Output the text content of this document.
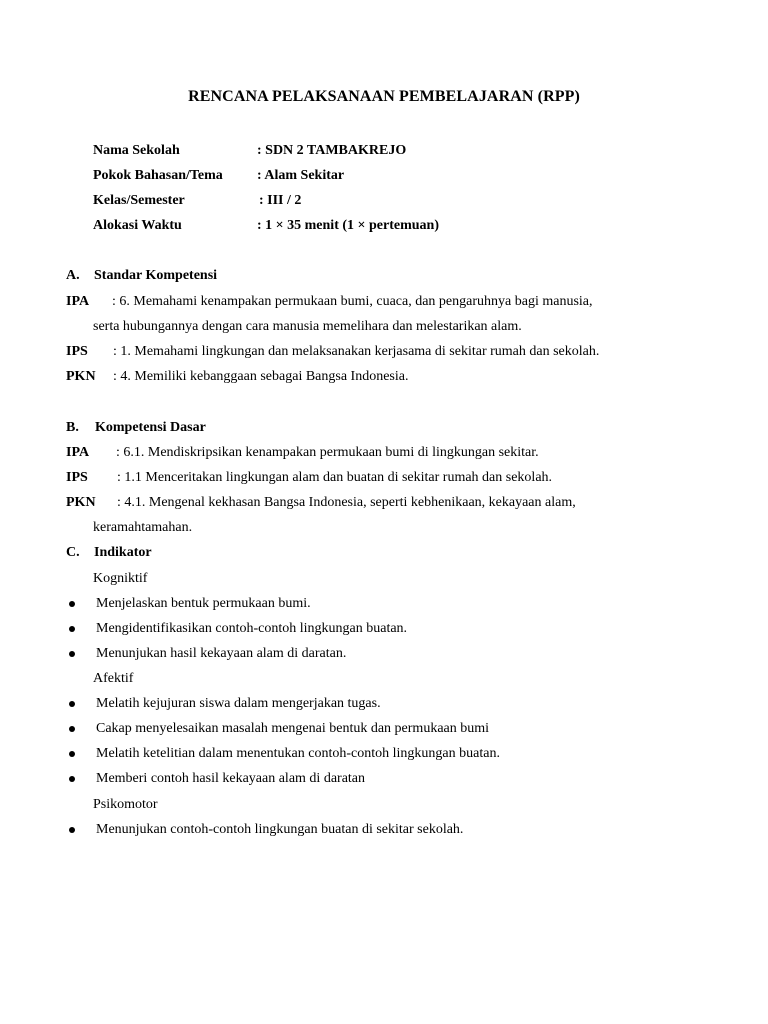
RENCANA PELAKSANAAN PEMBELAJARAN (RPP)
Nama Sekolah	: SDN 2 TAMBAKREJO
Pokok Bahasan/Tema : Alam Sekitar
Kelas/Semester	: III / 2
Alokasi Waktu	: 1 × 35 menit (1 × pertemuan)
A. Standar Kompetensi
IPA : 6. Memahami kenampakan permukaan bumi, cuaca, dan pengaruhnya bagi manusia,
serta hubungannya dengan cara manusia memelihara dan melestarikan alam.
IPS : 1. Memahami lingkungan dan melaksanakan kerjasama di sekitar rumah dan sekolah.
PKN : 4. Memiliki kebanggaan sebagai Bangsa Indonesia.
B. Kompetensi Dasar
IPA : 6.1. Mendiskripsikan kenampakan permukaan bumi di lingkungan sekitar.
IPS : 1.1 Menceritakan lingkungan alam dan buatan di sekitar rumah dan sekolah.
PKN : 4.1. Mengenal kekhasan Bangsa Indonesia, seperti kebhenikaan, kekayaan alam,
keramahtamahan.
C. Indikator
Kogniktif
Menjelaskan bentuk permukaan bumi.
Mengidentifikasikan contoh-contoh lingkungan buatan.
Menunjukan hasil kekayaan alam di daratan.
Afektif
Melatih kejujuran siswa dalam mengerjakan tugas.
Cakap menyelesaikan masalah mengenai bentuk dan permukaan bumi
Melatih ketelitian dalam menentukan contoh-contoh lingkungan buatan.
Memberi contoh hasil kekayaan alam di daratan
Psikomotor
Menunjukan contoh-contoh lingkungan buatan di sekitar sekolah.
